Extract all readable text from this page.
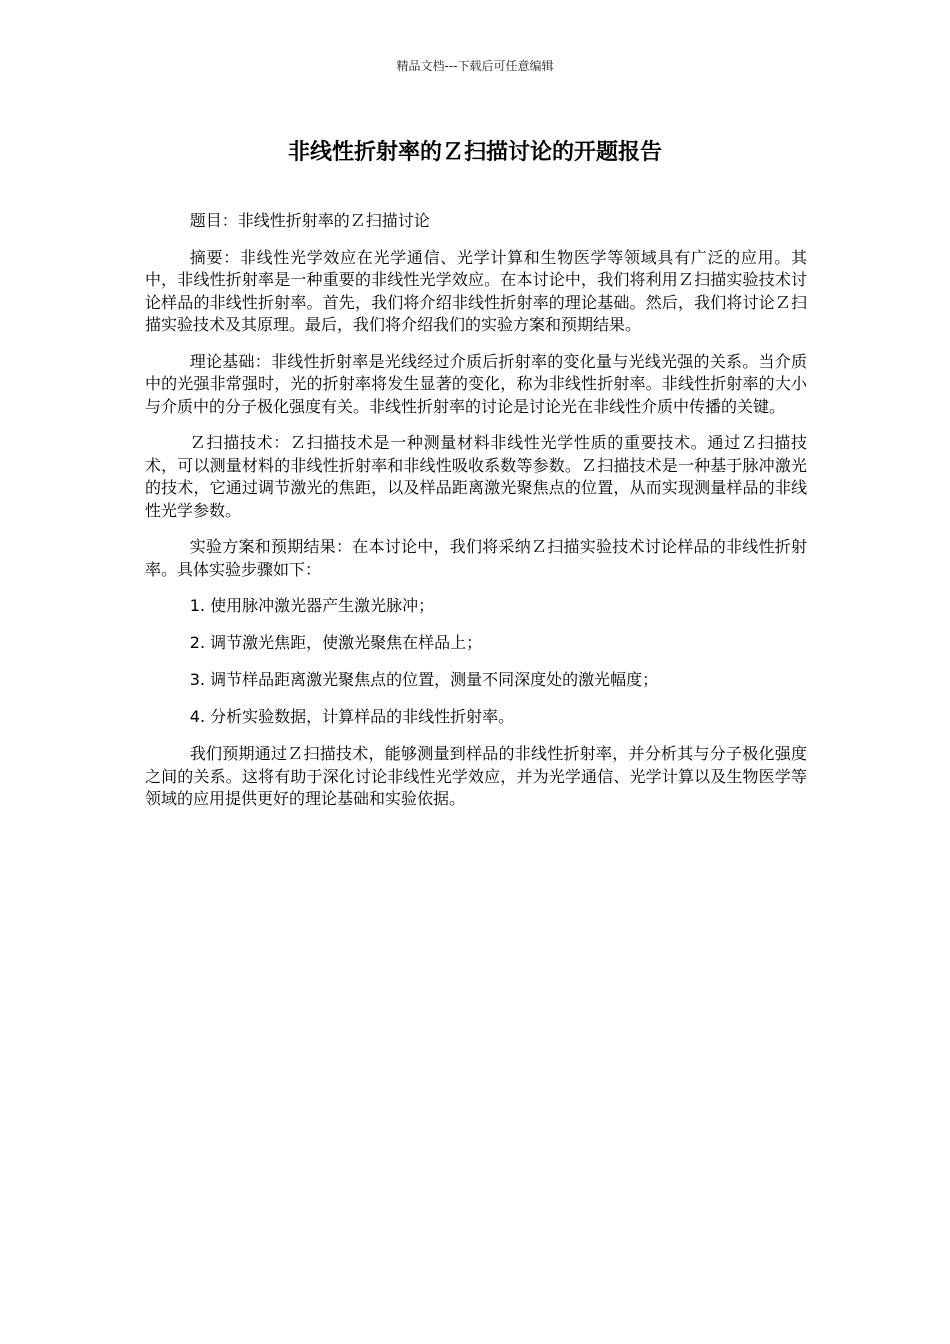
精品文档---下载后可任意编辑
非线性折射率的Ｚ扫描讨论的开题报告

题目：非线性折射率的Ｚ扫描讨论

摘要：非线性光学效应在光学通信、光学计算和生物医学等领域具有广泛的应用。其中，非线性折射率是一种重要的非线性光学效应。在本讨论中，我们将利用Ｚ扫描实验技术讨论样品的非线性折射率。首先，我们将介绍非线性折射率的理论基础。然后，我们将讨论Ｚ扫描实验技术及其原理。最后，我们将介绍我们的实验方案和预期结果。

理论基础：非线性折射率是光线经过介质后折射率的变化量与光线光强的关系。当介质中的光强非常强时，光的折射率将发生显著的变化，称为非线性折射率。非线性折射率的大小与介质中的分子极化强度有关。非线性折射率的讨论是讨论光在非线性介质中传播的关键。

Ｚ扫描技术：Ｚ扫描技术是一种测量材料非线性光学性质的重要技术。通过Ｚ扫描技术，可以测量材料的非线性折射率和非线性吸收系数等参数。Ｚ扫描技术是一种基于脉冲激光的技术，它通过调节激光的焦距，以及样品距离激光聚焦点的位置，从而实现测量样品的非线性光学参数。

实验方案和预期结果：在本讨论中，我们将采纳Ｚ扫描实验技术讨论样品的非线性折射率。具体实验步骤如下：

1. 使用脉冲激光器产生激光脉冲；

2. 调节激光焦距，使激光聚焦在样品上；

3. 调节样品距离激光聚焦点的位置，测量不同深度处的激光幅度；

4. 分析实验数据，计算样品的非线性折射率。

我们预期通过Ｚ扫描技术，能够测量到样品的非线性折射率，并分析其与分子极化强度之间的关系。这将有助于深化讨论非线性光学效应，并为光学通信、光学计算以及生物医学等领域的应用提供更好的理论基础和实验依据。
